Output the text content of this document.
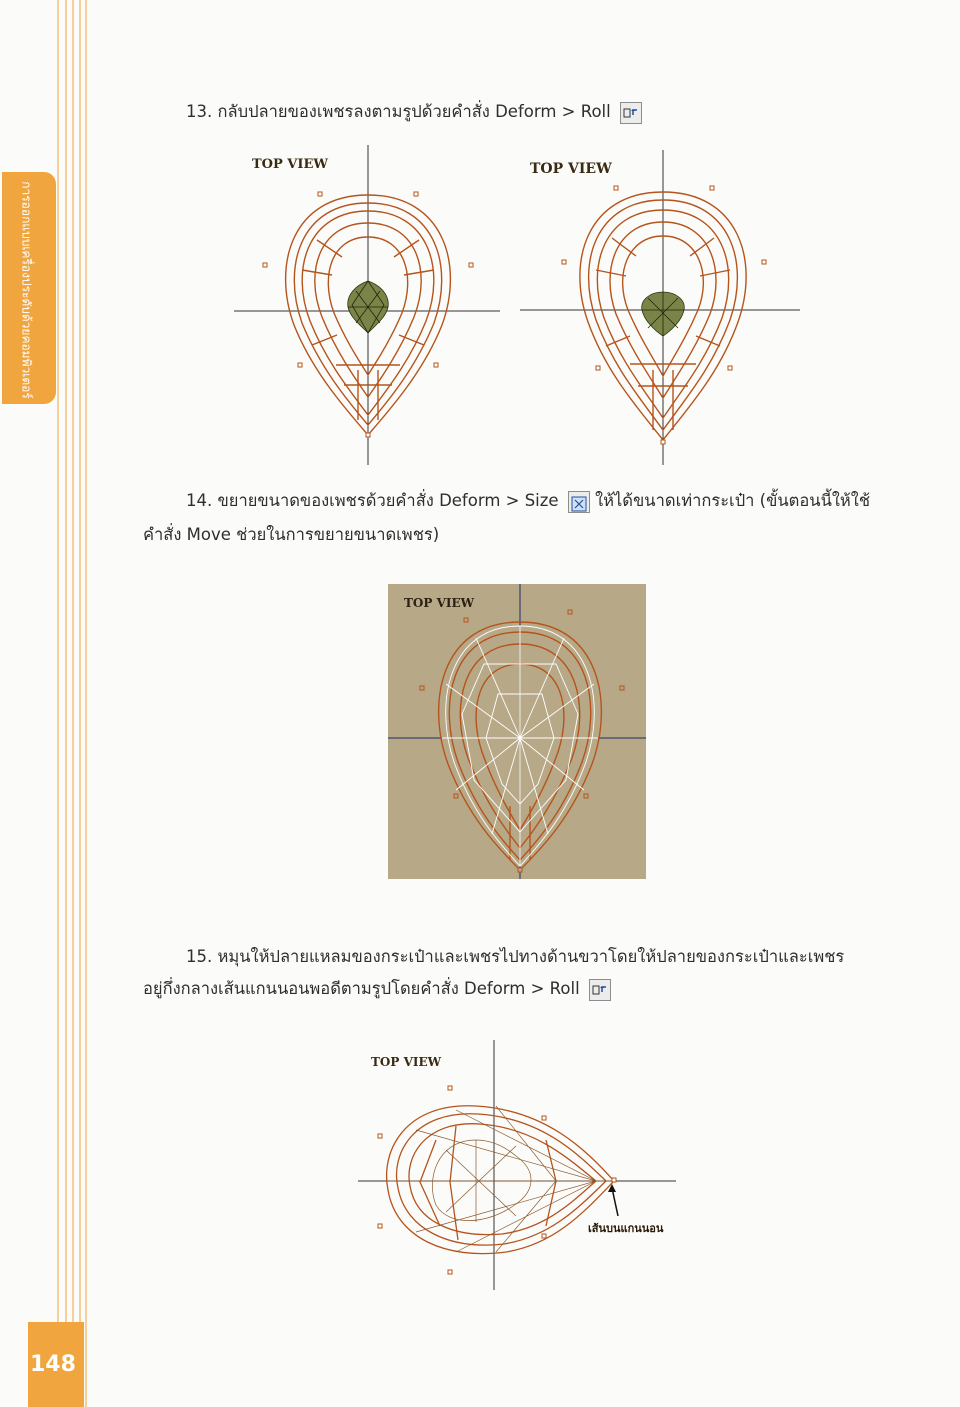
การออกแบบเครื่องประดับด้วยคอมพิวเตอร์
148
13. กลับปลายของเพชรลงตามรูปด้วยคำสั่ง Deform > Roll
TOP VIEW	TOP VIEW
14. ขยายขนาดของเพชรด้วยคำสั่ง Deform > Size ให้ได้ขนาดเท่ากระเป๋า (ขั้นตอนนี้ให้ใช้
คำสั่ง Move ช่วยในการขยายขนาดเพชร)
TOP VIEW
15. หมุนให้ปลายแหลมของกระเป๋าและเพชรไปทางด้านขวาโดยให้ปลายของกระเป๋าและเพชร
อยู่กึ่งกลางเส้นแกนนอนพอดีตามรูปโดยคำสั่ง Deform > Roll
TOP VIEW
เส้นบนแกนนอน
